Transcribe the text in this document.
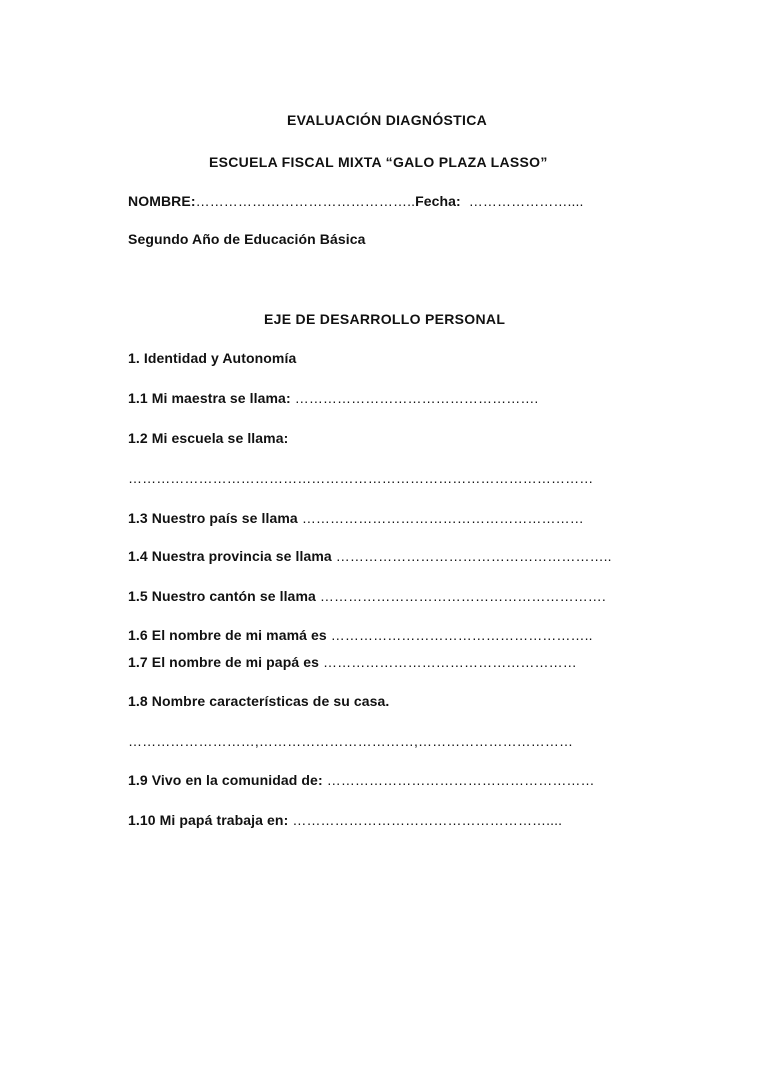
EVALUACIÓN DIAGNÓSTICA
ESCUELA FISCAL MIXTA “GALO PLAZA LASSO”
NOMBRE:………………………………………..Fecha: …………………....
Segundo Año de Educación Básica
EJE DE DESARROLLO PERSONAL
1. Identidad y Autonomía
1.1 Mi maestra se llama: …………………………………………….
1.2 Mi escuela se llama:
………………………………………………………………………………………
1.3 Nuestro país se llama ……………………………………………………
1.4 Nuestra provincia se llama …………………………………………………..
1.5 Nuestro cantón se llama …………………………………………………….
1.6 El nombre de mi mamá es ………………………………………………..
1.7 El nombre de mi papá es ………………………………………………
1.8 Nombre características de su casa.
………………………,……………………………,……………………………
1.9 Vivo en la comunidad de: …………………………………………………
1.10 Mi papá trabaja en: ………………………………………………....
